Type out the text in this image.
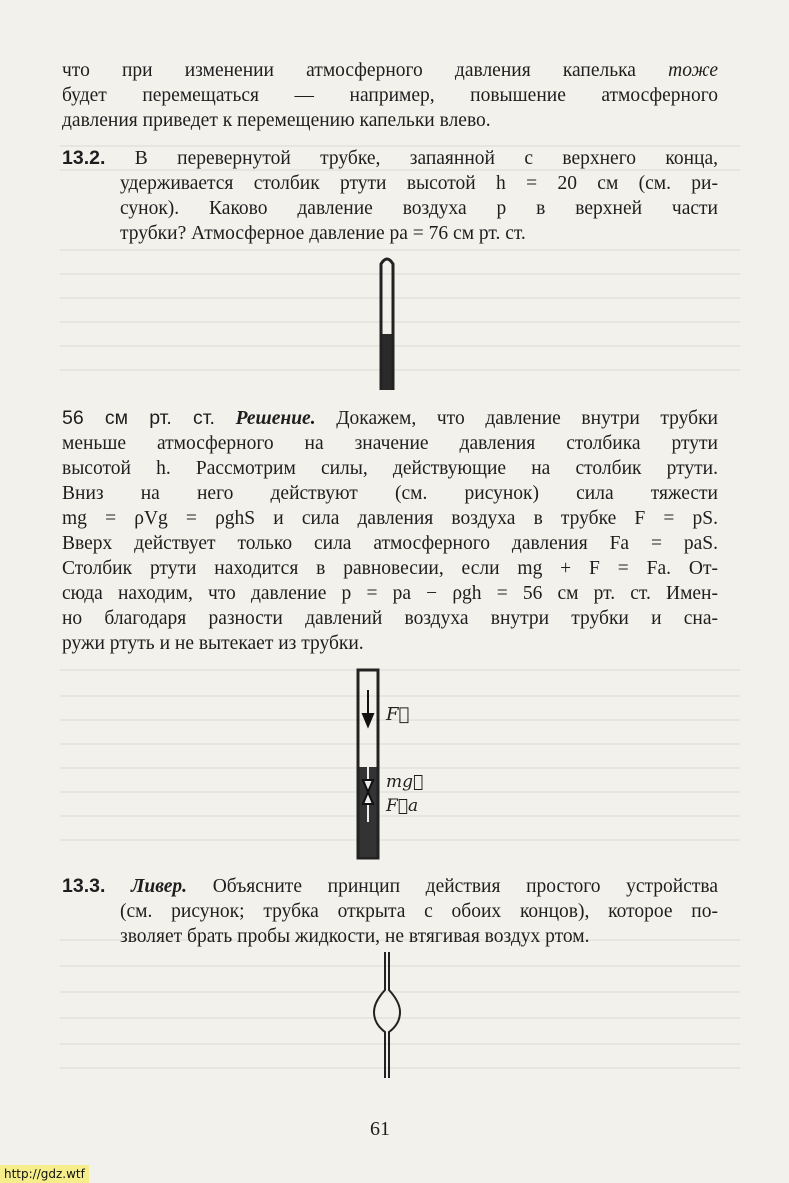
что при изменении атмосферного давления капелька тоже
будет перемещаться — например, повышение атмосферного
давления приведет к перемещению капельки влево.
13.2. В перевернутой трубке, запаянной с верхнего конца,
удерживается столбик ртути высотой h = 20 см (см. ри-
сунок). Каково давление воздуха p в верхней части
трубки? Атмосферное давление pа = 76 см рт. ст.
56 см рт. ст. Решение. Докажем, что давление внутри трубки
меньше атмосферного на значение давления столбика ртути
высотой h. Рассмотрим силы, действующие на столбик ртути.
Вниз на него действуют (см. рисунок) сила тяжести
mg = ρVg = ρghS и сила давления воздуха в трубке F = pS.
Вверх действует только сила атмосферного давления Fа = pаS.
Столбик ртути находится в равновесии, если mg + F = Fа. От-
сюда находим, что давление p = pа − ρgh = 56 см рт. ст. Имен-
но благодаря разности давлений воздуха внутри трубки и сна-
ружи ртуть и не вытекает из трубки.
F⃗
mg⃗
F⃗а
13.3. Ливер. Объясните принцип действия простого устройства
(см. рисунок; трубка открыта с обоих концов), которое по-
зволяет брать пробы жидкости, не втягивая воздух ртом.
61
http://gdz.wtf
